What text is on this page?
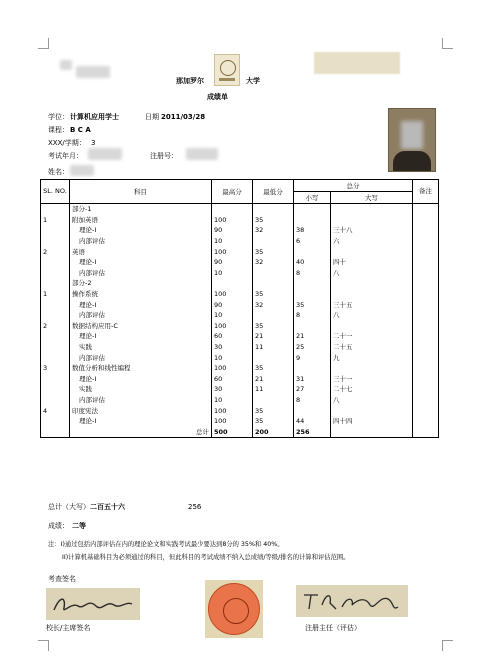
那加罗尔	大学
成绩单
学位： 计算机应用学士	日期 2011/03/28
课程： B C A
XXX/学期： 3
考试年月：	注册号：
姓名：
SL. NO.	科目	最高分	最低分	总分		备注
				小写	大写	
	部分-1					
1	附加英语	100	35			
	理论-I	90	32	38	三十八	
	内部评估	10		6	六	
2	英语	100	35			
	理论-I	90	32	40	四十	
	内部评估	10		8	八	
	部分-2					
1	操作系统	100	35			
	理论-I	90	32	35	三十五	
	内部评估	10		8	八	
2	数据结构应用-C	100	35			
	理论-I	60	21	21	二十一	
	实践	30	11	25	二十五	
	内部评估	10		9	九	
3	数值分析和线性编程	100	35			
	理论-I	60	21	31	三十一	
	实践	30	11	27	二十七	
	内部评估	10		8	八	
4	印度宪法	100	35			
	理论-I	100	35	44	四十四	
	总计	500	200	256		
总计（大写） 二百五十六	256
成绩： 二等
注：I)通过包括内部评估在内的理论论文和实践考试最少要达到8分的 35%和 40%。
II)计算机基础科目为必须通过的科目，但此科目的考试成绩不纳入总成绩/等级/排名的计算和评估范围。
考查签名
校长/主席签名	注册主任（评估）
